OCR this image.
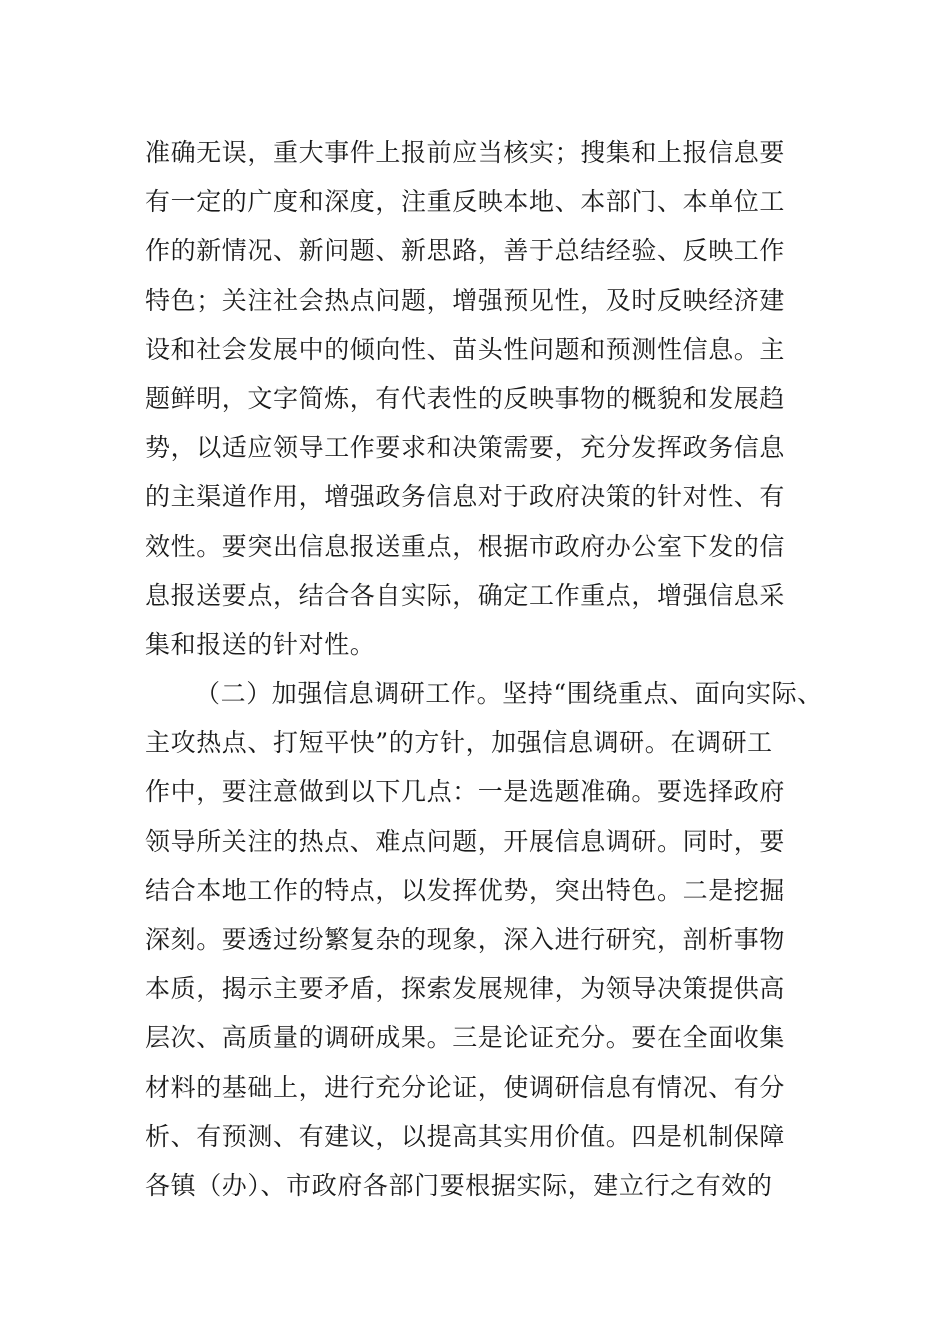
准确无误，重大事件上报前应当核实；搜集和上报信息要
有一定的广度和深度，注重反映本地、本部门、本单位工
作的新情况、新问题、新思路，善于总结经验、反映工作
特色；关注社会热点问题，增强预见性，及时反映经济建
设和社会发展中的倾向性、苗头性问题和预测性信息。主
题鲜明，文字简炼，有代表性的反映事物的概貌和发展趋
势，以适应领导工作要求和决策需要，充分发挥政务信息
的主渠道作用，增强政务信息对于政府决策的针对性、有
效性。要突出信息报送重点，根据市政府办公室下发的信
息报送要点，结合各自实际，确定工作重点，增强信息采
集和报送的针对性。
（二）加强信息调研工作。坚持“围绕重点、面向实际、
主攻热点、打短平快”的方针，加强信息调研。在调研工
作中，要注意做到以下几点：一是选题准确。要选择政府
领导所关注的热点、难点问题，开展信息调研。同时，要
结合本地工作的特点，以发挥优势，突出特色。二是挖掘
深刻。要透过纷繁复杂的现象，深入进行研究，剖析事物
本质，揭示主要矛盾，探索发展规律，为领导决策提供高
层次、高质量的调研成果。三是论证充分。要在全面收集
材料的基础上，进行充分论证，使调研信息有情况、有分
析、有预测、有建议，以提高其实用价值。四是机制保障
各镇（办）、市政府各部门要根据实际，建立行之有效的
